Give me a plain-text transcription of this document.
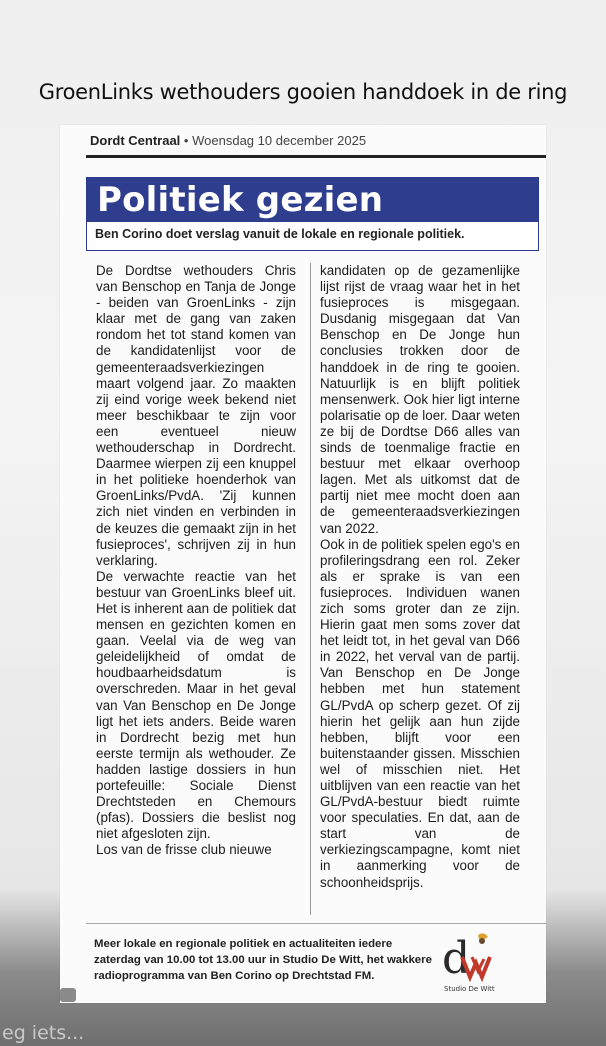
GroenLinks wethouders gooien handdoek in de ring
Dordt Centraal • Woensdag 10 december 2025
Politiek gezien
Ben Corino doet verslag vanuit de lokale en regionale politiek.

De Dordtse wethouders Chris van Benschop en Tanja de Jonge - beiden van GroenLinks - zijn klaar met de gang van zaken rondom het tot stand komen van de kandidatenlijst voor de gemeenteraadsverkiezingen maart volgend jaar. Zo maakten zij eind vorige week bekend niet meer beschikbaar te zijn voor een eventueel nieuw wethouderschap in Dordrecht. Daarmee wierpen zij een knuppel in het politieke hoenderhok van GroenLinks/PvdA. 'Zij kunnen zich niet vinden en verbinden in de keuzes die gemaakt zijn in het fusieproces', schrijven zij in hun verklaring.

De verwachte reactie van het bestuur van GroenLinks bleef uit. Het is inherent aan de politiek dat mensen en gezichten komen en gaan. Veelal via de weg van geleidelijkheid of omdat de houdbaarheidsdatum is overschreden. Maar in het geval van Van Benschop en De Jonge ligt het iets anders. Beide waren in Dordrecht bezig met hun eerste termijn als wethouder. Ze hadden lastige dossiers in hun portefeuille: Sociale Dienst Drechtsteden en Chemours (pfas). Dossiers die beslist nog niet afgesloten zijn.

Los van de frisse club nieuwe

kandidaten op de gezamenlijke lijst rijst de vraag waar het in het fusieproces is misgegaan. Dusdanig misgegaan dat Van Benschop en De Jonge hun conclusies trokken door de handdoek in de ring te gooien. Natuurlijk is en blijft politiek mensenwerk. Ook hier ligt interne polarisatie op de loer. Daar weten ze bij de Dordtse D66 alles van sinds de toenmalige fractie en bestuur met elkaar overhoop lagen. Met als uitkomst dat de partij niet mee mocht doen aan de gemeenteraadsverkiezingen van 2022.

Ook in de politiek spelen ego's en profileringsdrang een rol. Zeker als er sprake is van een fusieproces. Individuen wanen zich soms groter dan ze zijn. Hierin gaat men soms zover dat het leidt tot, in het geval van D66 in 2022, het verval van de partij. Van Benschop en De Jonge hebben met hun statement GL/PvdA op scherp gezet. Of zij hierin het gelijk aan hun zijde hebben, blijft voor een buitenstaander gissen. Misschien wel of misschien niet. Het uitblijven van een reactie van het GL/PvdA-bestuur biedt ruimte voor speculaties. En dat, aan de start van de verkiezingscampagne, komt niet in aanmerking voor de schoonheidsprijs.

Meer lokale en regionale politiek en actualiteiten iedere zaterdag van 10.00 tot 13.00 uur in Studio De Witt, het wakkere radioprogramma van Ben Corino op Drechtstad FM.	d
Studio De Witt
eg iets...
